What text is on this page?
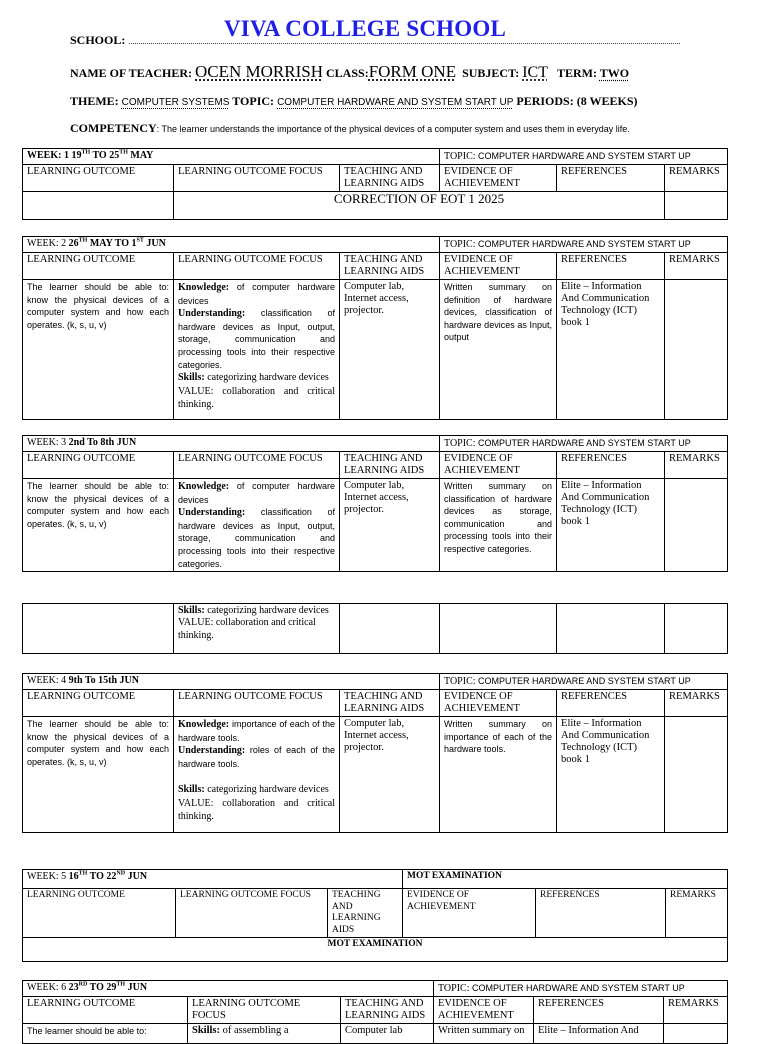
VIVA COLLEGE SCHOOL
SCHOOL:
NAME OF TEACHER: OCEN MORRISH CLASS:FORM ONE SUBJECT: ICT TERM: TWO
THEME: COMPUTER SYSTEMS TOPIC: COMPUTER HARDWARE AND SYSTEM START UP PERIODS: (8 WEEKS)
COMPETENCY: The learner understands the importance of the physical devices of a computer system and uses them in everyday life.
WEEK: 1 19TH TO 25TH MAY			TOPIC: COMPUTER HARDWARE AND SYSTEM START UP		
LEARNING OUTCOME	LEARNING OUTCOME FOCUS	TEACHING AND LEARNING AIDS	EVIDENCE OF ACHIEVEMENT	REFERENCES	REMARKS
	CORRECTION OF EOT 1 2025				
WEEK: 2 26TH MAY TO 1ST JUN			TOPIC: COMPUTER HARDWARE AND SYSTEM START UP		
LEARNING OUTCOME	LEARNING OUTCOME FOCUS	TEACHING AND LEARNING AIDS	EVIDENCE OF ACHIEVEMENT	REFERENCES	REMARKS
The learner should be able to: know the physical devices of a computer system and how each operates. (k, s, u, v)	Knowledge: of computer hardware devices
Understanding: classification of hardware devices as Input, output, storage, communication and processing tools into their respective categories.
Skills: categorizing hardware devices
VALUE: collaboration and critical thinking.	Computer lab, Internet access, projector.	Written summary on definition of hardware devices, classification of hardware devices as Input, output	Elite – Information And Communication Technology (ICT) book 1	
WEEK: 3 2nd To 8th JUN			TOPIC: COMPUTER HARDWARE AND SYSTEM START UP		
LEARNING OUTCOME	LEARNING OUTCOME FOCUS	TEACHING AND LEARNING AIDS	EVIDENCE OF ACHIEVEMENT	REFERENCES	REMARKS
The learner should be able to: know the physical devices of a computer system and how each operates. (k, s, u, v)	Knowledge: of computer hardware devices
Understanding: classification of hardware devices as Input, output, storage, communication and processing tools into their respective categories.	Computer lab, Internet access, projector.	Written summary on classification of hardware devices as storage, communication and processing tools into their respective categories.	Elite – Information And Communication Technology (ICT) book 1	
	Skills: categorizing hardware devices
VALUE: collaboration and critical thinking.				
WEEK: 4 9th To 15th JUN			TOPIC: COMPUTER HARDWARE AND SYSTEM START UP		
LEARNING OUTCOME	LEARNING OUTCOME FOCUS	TEACHING AND LEARNING AIDS	EVIDENCE OF ACHIEVEMENT	REFERENCES	REMARKS
The learner should be able to: know the physical devices of a computer system and how each operates. (k, s, u, v)	Knowledge: importance of each of the hardware tools.
Understanding: roles of each of the hardware tools.

Skills: categorizing hardware devices
VALUE: collaboration and critical thinking.	Computer lab, Internet access, projector.	Written summary on importance of each of the hardware tools.	Elite – Information And Communication Technology (ICT) book 1	
WEEK: 5 16TH TO 22ND JUN			MOT EXAMINATION		
LEARNING OUTCOME	LEARNING OUTCOME FOCUS	TEACHING
AND
LEARNING
AIDS	EVIDENCE OF ACHIEVEMENT	REFERENCES	REMARKS
MOT EXAMINATION					
WEEK: 6 23RD TO 29TH JUN			TOPIC: COMPUTER HARDWARE AND SYSTEM START UP		
LEARNING OUTCOME	LEARNING OUTCOME FOCUS	TEACHING AND LEARNING AIDS	EVIDENCE OF ACHIEVEMENT	REFERENCES	REMARKS
The learner should be able to:	Skills: of assembling a	Computer lab	Written summary on	Elite – Information And	
